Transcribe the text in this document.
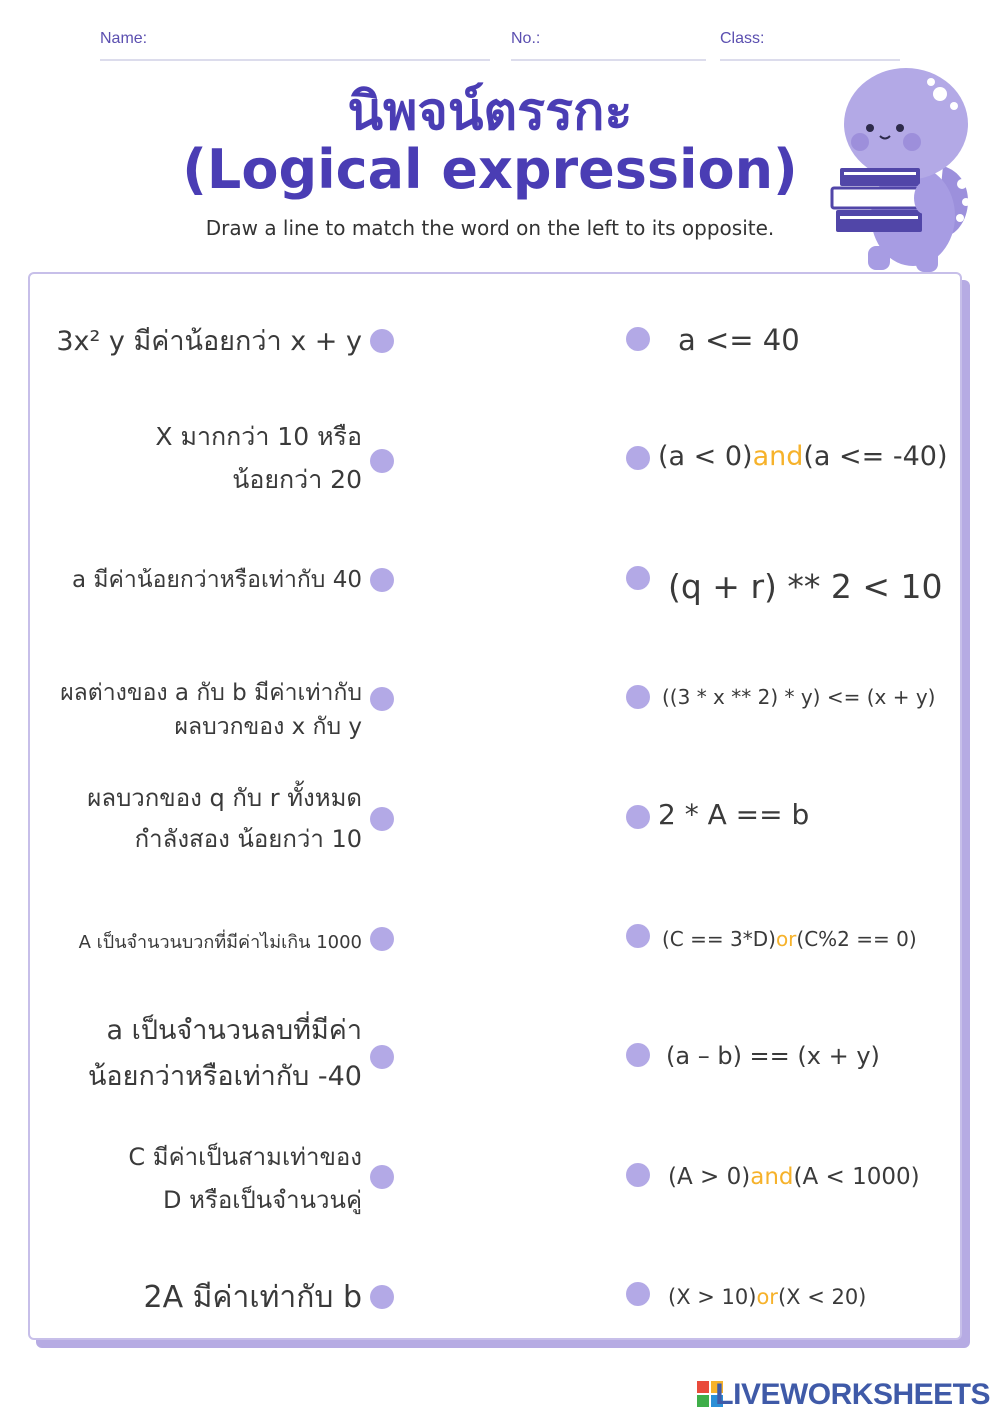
Name:	No.:	Class:
นิพจน์ตรรกะ
(Logical expression)
Draw a line to match the word on the left to its opposite.
3x² y มีค่าน้อยกว่า x + y
X มากกว่า 10 หรือ
น้อยกว่า 20
a มีค่าน้อยกว่าหรือเท่ากับ 40
ผลต่างของ a กับ b มีค่าเท่ากับ
ผลบวกของ x กับ y
ผลบวกของ q กับ r ทั้งหมด
กำลังสอง น้อยกว่า 10
A เป็นจำนวนบวกที่มีค่าไม่เกิน 1000
a เป็นจำนวนลบที่มีค่า
น้อยกว่าหรือเท่ากับ -40
C มีค่าเป็นสามเท่าของ
D หรือเป็นจำนวนคู่
2A มีค่าเท่ากับ b
a <= 40
(a < 0) and (a <= -40)
(q + r) ** 2 < 10
((3 * x ** 2) * y) <= (x + y)
2 * A == b
(C == 3*D) or (C%2 == 0)
(a – b) == (x + y)
(A > 0) and (A < 1000)
(X > 10) or (X < 20)
LIVEWORKSHEETS
